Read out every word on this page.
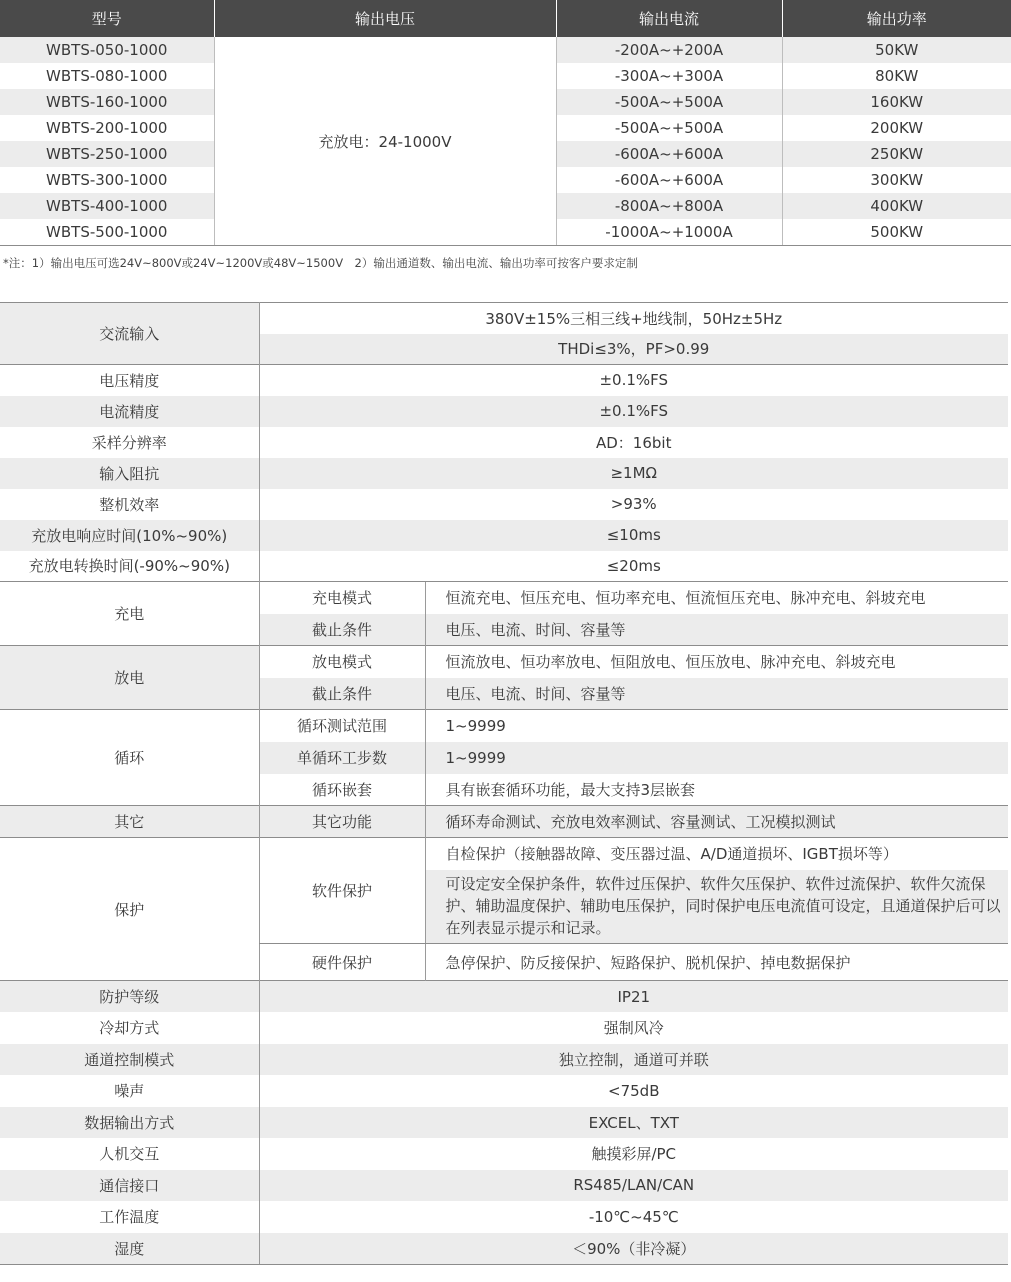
型号	输出电压	输出电流	输出功率
WBTS-050-1000	充放电：24-1000V	-200A~+200A	50KW
WBTS-080-1000		-300A~+300A	80KW
WBTS-160-1000		-500A~+500A	160KW
WBTS-200-1000		-500A~+500A	200KW
WBTS-250-1000		-600A~+600A	250KW
WBTS-300-1000		-600A~+600A	300KW
WBTS-400-1000		-800A~+800A	400KW
WBTS-500-1000		-1000A~+1000A	500KW
*注：1）输出电压可选24V~800V或24V~1200V或48V~1500V　2）输出通道数、输出电流、输出功率可按客户要求定制
交流输入	380V±15%三相三线+地线制，50Hz±5Hz	
	THDi≤3%，PF>0.99	
电压精度	±0.1%FS	
电流精度	±0.1%FS	
采样分辨率	AD：16bit	
输入阻抗	≥1MΩ	
整机效率	>93%	
充放电响应时间(10%~90%)	≤10ms	
充放电转换时间(-90%~90%)	≤20ms	
充电	充电模式	恒流充电、恒压充电、恒功率充电、恒流恒压充电、脉冲充电、斜坡充电
	截止条件	电压、电流、时间、容量等
放电	放电模式	恒流放电、恒功率放电、恒阻放电、恒压放电、脉冲充电、斜坡充电
	截止条件	电压、电流、时间、容量等
循环	循环测试范围	1~9999
	单循环工步数	1~9999
	循环嵌套	具有嵌套循环功能，最大支持3层嵌套
其它	其它功能	循环寿命测试、充放电效率测试、容量测试、工况模拟测试
保护	软件保护	自检保护（接触器故障、变压器过温、A/D通道损坏、IGBT损坏等）
		可设定安全保护条件，软件过压保护、软件欠压保护、软件过流保护、软件欠流保护、辅助温度保护、辅助电压保护，同时保护电压电流值可设定，且通道保护后可以在列表显示提示和记录。
	硬件保护	急停保护、防反接保护、短路保护、脱机保护、掉电数据保护
防护等级	IP21	
冷却方式	强制风冷	
通道控制模式	独立控制，通道可并联	
噪声	<75dB	
数据输出方式	EXCEL、TXT	
人机交互	触摸彩屏/PC	
通信接口	RS485/LAN/CAN	
工作温度	-10℃~45℃	
湿度	＜90%（非冷凝）	
